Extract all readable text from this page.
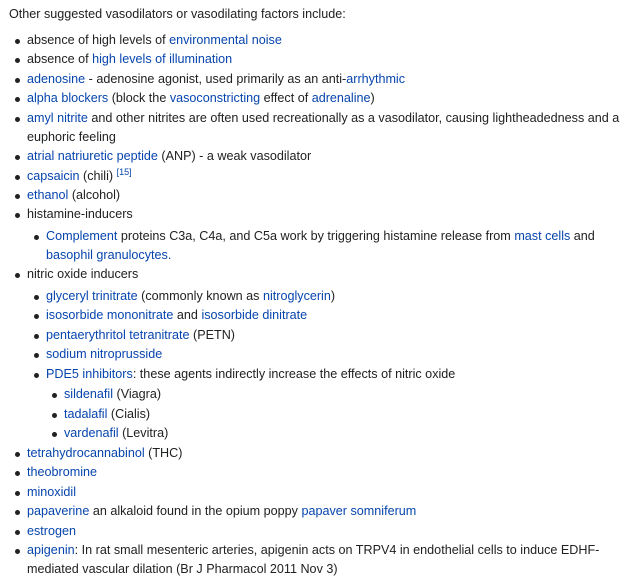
Other suggested vasodilators or vasodilating factors include:

absence of high levels of environmental noise
absence of high levels of illumination
adenosine - adenosine agonist, used primarily as an anti-arrhythmic
alpha blockers (block the vasoconstricting effect of adrenaline)
amyl nitrite and other nitrites are often used recreationally as a vasodilator, causing lightheadedness and a euphoric feeling
atrial natriuretic peptide (ANP) - a weak vasodilator
capsaicin (chili) [15]
ethanol (alcohol)
histamine-inducers
Complement proteins C3a, C4a, and C5a work by triggering histamine release from mast cells and basophil granulocytes.
nitric oxide inducers
glyceryl trinitrate (commonly known as nitroglycerin)
isosorbide mononitrate and isosorbide dinitrate
pentaerythritol tetranitrate (PETN)
sodium nitroprusside
PDE5 inhibitors: these agents indirectly increase the effects of nitric oxide
sildenafil (Viagra)
tadalafil (Cialis)
vardenafil (Levitra)
tetrahydrocannabinol (THC)
theobromine
minoxidil
papaverine an alkaloid found in the opium poppy papaver somniferum
estrogen
apigenin: In rat small mesenteric arteries, apigenin acts on TRPV4 in endothelial cells to induce EDHF-mediated vascular dilation (Br J Pharmacol 2011 Nov 3)
